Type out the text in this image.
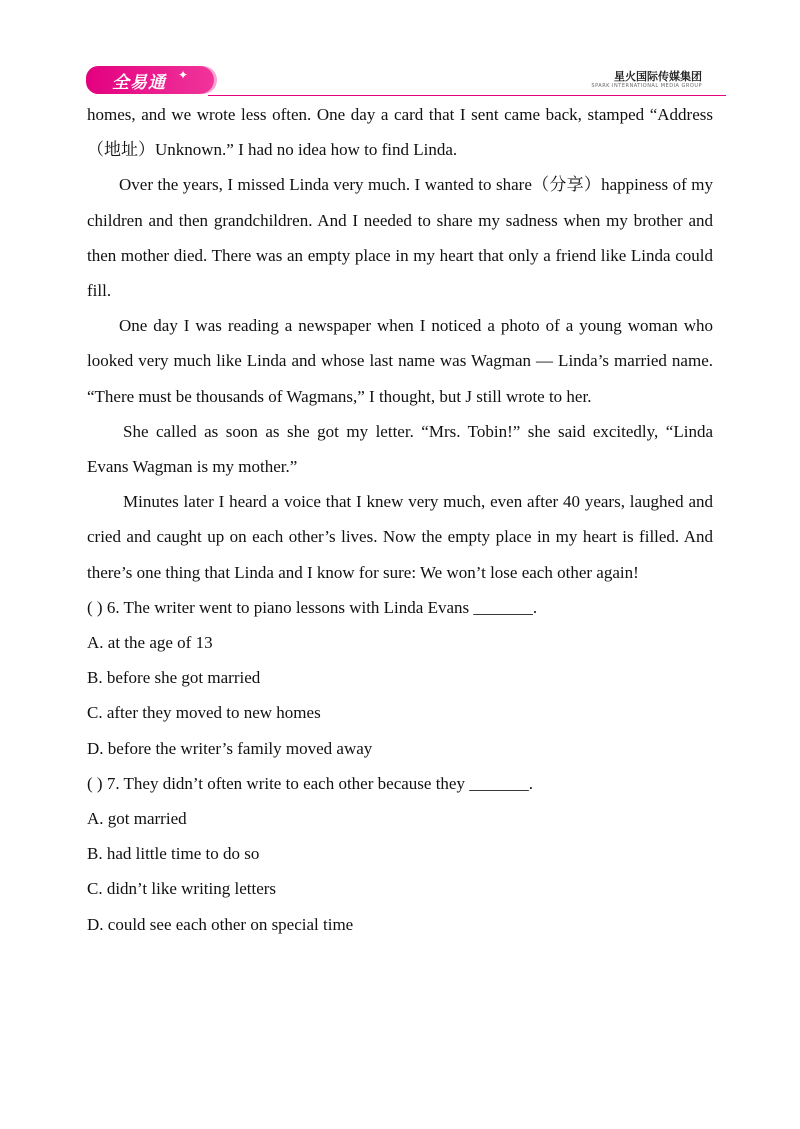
全易通 ✦	星火国际传媒集团
SPARK INTERNATIONAL MEDIA GROUP

homes, and we wrote less often. One day a card that I sent came back, stamped “Address（地址）Unknown.” I had no idea how to find Linda.

Over the years, I missed Linda very much. I wanted to share（分享）happiness of my children and then grandchildren. And I needed to share my sadness when my brother and then mother died. There was an empty place in my heart that only a friend like Linda could fill.

One day I was reading a newspaper when I noticed a photo of a young woman who looked very much like Linda and whose last name was Wagman — Linda’s married name. “There must be thousands of Wagmans,” I thought, but J still wrote to her.

She called as soon as she got my letter. “Mrs. Tobin!” she said excitedly, “Linda Evans Wagman is my mother.”

Minutes later I heard a voice that I knew very much, even after 40 years, laughed and cried and caught up on each other’s lives. Now the empty place in my heart is filled. And there’s one thing that Linda and I know for sure: We won’t lose each other again!

( ) 6. The writer went to piano lessons with Linda Evans _______.

A. at the age of 13

B. before she got married

C. after they moved to new homes

D. before the writer’s family moved away

( ) 7. They didn’t often write to each other because they _______.

A. got married

B. had little time to do so

C. didn’t like writing letters

D. could see each other on special time
